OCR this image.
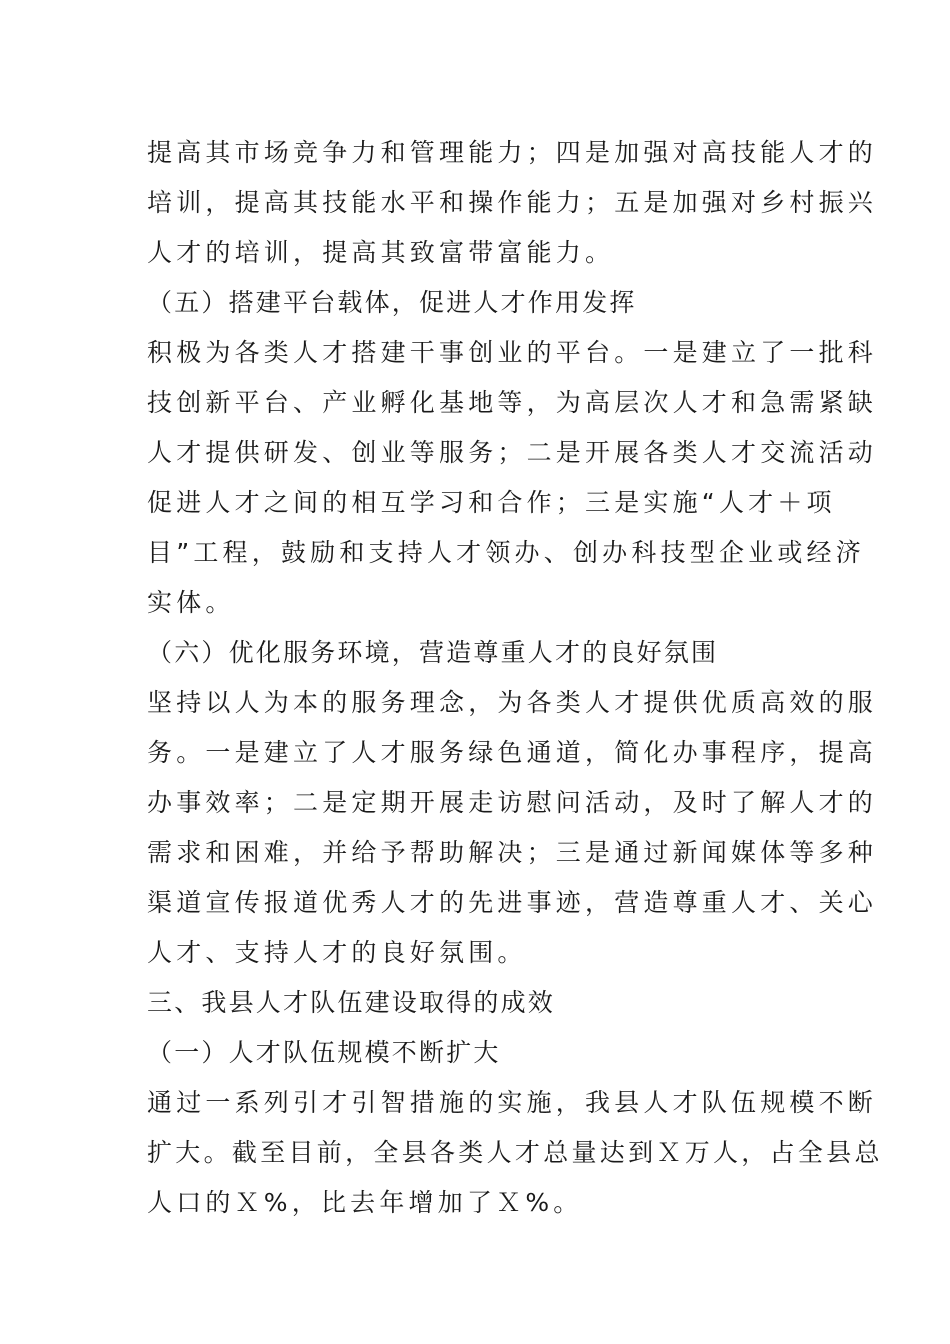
提高其市场竞争力和管理能力；四是加强对高技能人才的
培训，提高其技能水平和操作能力；五是加强对乡村振兴
人才的培训，提高其致富带富能力。
（五）搭建平台载体，促进人才作用发挥
积极为各类人才搭建干事创业的平台。一是建立了一批科
技创新平台、产业孵化基地等，为高层次人才和急需紧缺
人才提供研发、创业等服务；二是开展各类人才交流活动
促进人才之间的相互学习和合作；三是实施“人才＋项
目”工程，鼓励和支持人才领办、创办科技型企业或经济
实体。
（六）优化服务环境，营造尊重人才的良好氛围
坚持以人为本的服务理念，为各类人才提供优质高效的服
务。一是建立了人才服务绿色通道，简化办事程序，提高
办事效率；二是定期开展走访慰问活动，及时了解人才的
需求和困难，并给予帮助解决；三是通过新闻媒体等多种
渠道宣传报道优秀人才的先进事迹，营造尊重人才、关心
人才、支持人才的良好氛围。
三、我县人才队伍建设取得的成效
（一）人才队伍规模不断扩大
通过一系列引才引智措施的实施，我县人才队伍规模不断
扩大。截至目前，全县各类人才总量达到Ｘ万人，占全县总
人口的Ｘ%，比去年增加了Ｘ%。
